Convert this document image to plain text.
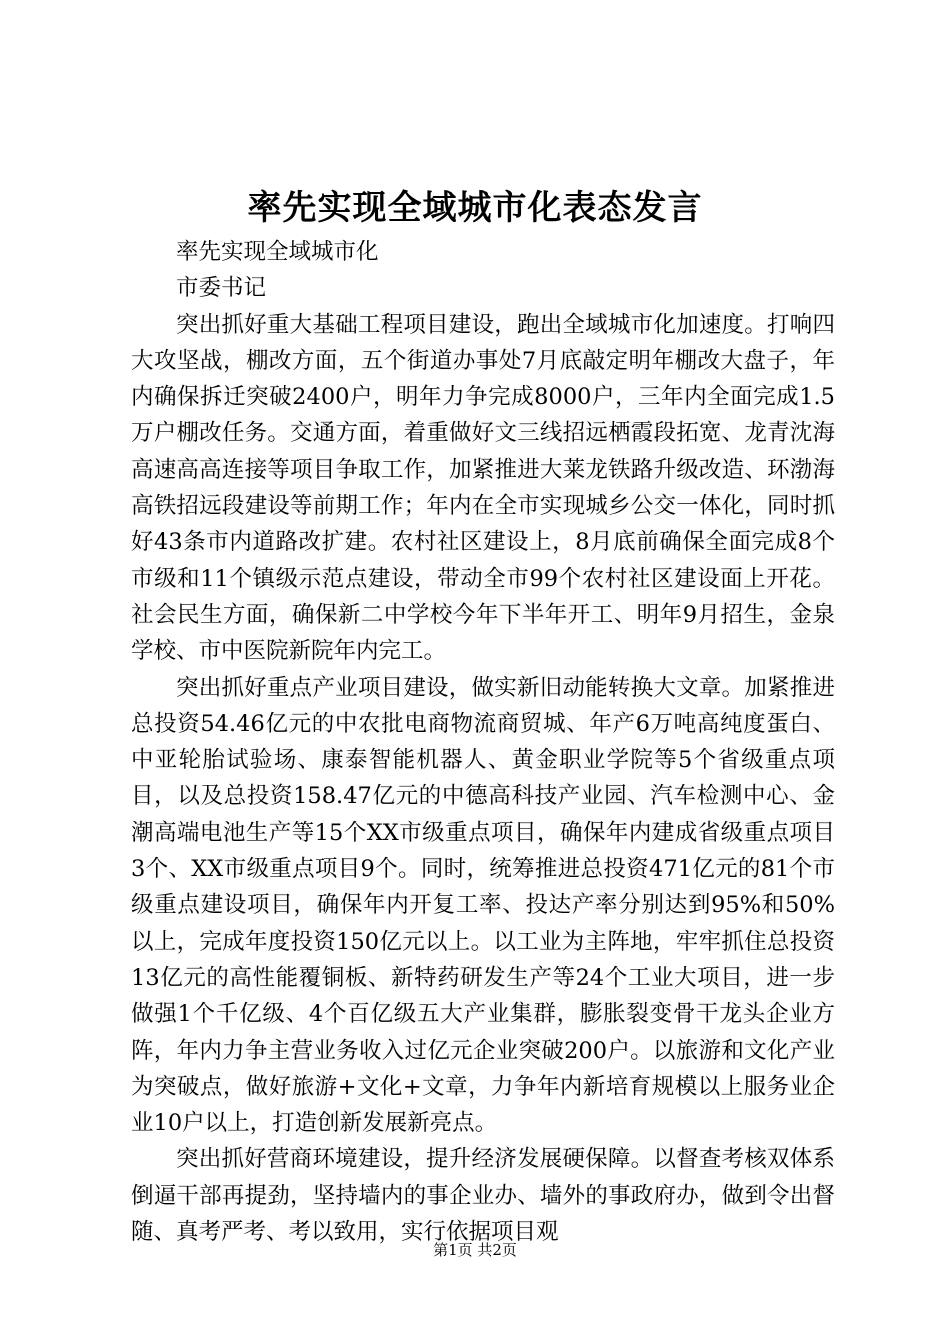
率先实现全域城市化表态发言

率先实现全域城市化

市委书记

突出抓好重大基础工程项目建设，跑出全域城市化加速度。打响四大攻坚战，棚改方面，五个街道办事处7月底敲定明年棚改大盘子，年内确保拆迁突破2400户，明年力争完成8000户，三年内全面完成1.5万户棚改任务。交通方面，着重做好文三线招远栖霞段拓宽、龙青沈海高速高高连接等项目争取工作，加紧推进大莱龙铁路升级改造、环渤海高铁招远段建设等前期工作；年内在全市实现城乡公交一体化，同时抓好43条市内道路改扩建。农村社区建设上，8月底前确保全面完成8个市级和11个镇级示范点建设，带动全市99个农村社区建设面上开花。社会民生方面，确保新二中学校今年下半年开工、明年9月招生，金泉学校、市中医院新院年内完工。

突出抓好重点产业项目建设，做实新旧动能转换大文章。加紧推进总投资54.46亿元的中农批电商物流商贸城、年产6万吨高纯度蛋白、中亚轮胎试验场、康泰智能机器人、黄金职业学院等5个省级重点项目，以及总投资158.47亿元的中德高科技产业园、汽车检测中心、金潮高端电池生产等15个XX市级重点项目，确保年内建成省级重点项目3个、XX市级重点项目9个。同时，统筹推进总投资471亿元的81个市级重点建设项目，确保年内开复工率、投达产率分别达到95%和50%以上，完成年度投资150亿元以上。以工业为主阵地，牢牢抓住总投资13亿元的高性能覆铜板、新特药研发生产等24个工业大项目，进一步做强1个千亿级、4个百亿级五大产业集群，膨胀裂变骨干龙头企业方阵，年内力争主营业务收入过亿元企业突破200户。以旅游和文化产业为突破点，做好旅游+文化+文章，力争年内新培育规模以上服务业企业10户以上，打造创新发展新亮点。

突出抓好营商环境建设，提升经济发展硬保障。以督查考核双体系倒逼干部再提劲，坚持墙内的事企业办、墙外的事政府办，做到令出督随、真考严考、考以致用，实行依据项目观

第1页 共2页
